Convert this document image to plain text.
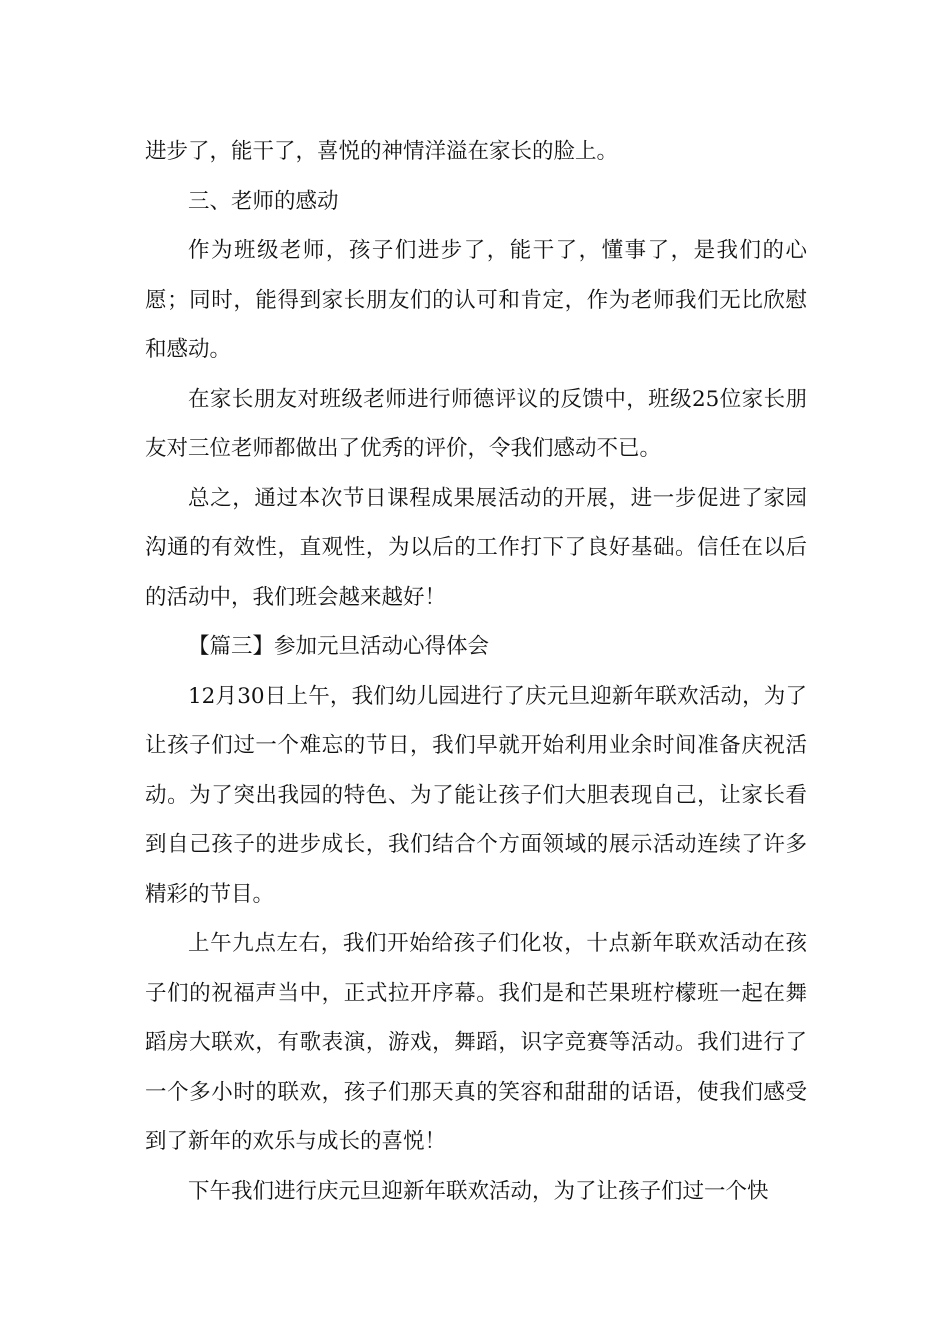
进步了，能干了，喜悦的神情洋溢在家长的脸上。

三、老师的感动

作为班级老师，孩子们进步了，能干了，懂事了，是我们的心愿；同时，能得到家长朋友们的认可和肯定，作为老师我们无比欣慰和感动。

在家长朋友对班级老师进行师德评议的反馈中，班级25位家长朋友对三位老师都做出了优秀的评价，令我们感动不已。

总之，通过本次节日课程成果展活动的开展，进一步促进了家园沟通的有效性，直观性，为以后的工作打下了良好基础。信任在以后的活动中，我们班会越来越好！

【篇三】参加元旦活动心得体会

12月30日上午，我们幼儿园进行了庆元旦迎新年联欢活动，为了让孩子们过一个难忘的节日，我们早就开始利用业余时间准备庆祝活动。为了突出我园的特色、为了能让孩子们大胆表现自己，让家长看到自己孩子的进步成长，我们结合个方面领域的展示活动连续了许多精彩的节目。

上午九点左右，我们开始给孩子们化妆，十点新年联欢活动在孩子们的祝福声当中，正式拉开序幕。我们是和芒果班柠檬班一起在舞蹈房大联欢，有歌表演，游戏，舞蹈，识字竞赛等活动。我们进行了一个多小时的联欢，孩子们那天真的笑容和甜甜的话语，使我们感受到了新年的欢乐与成长的喜悦！

下午我们进行庆元旦迎新年联欢活动，为了让孩子们过一个快
